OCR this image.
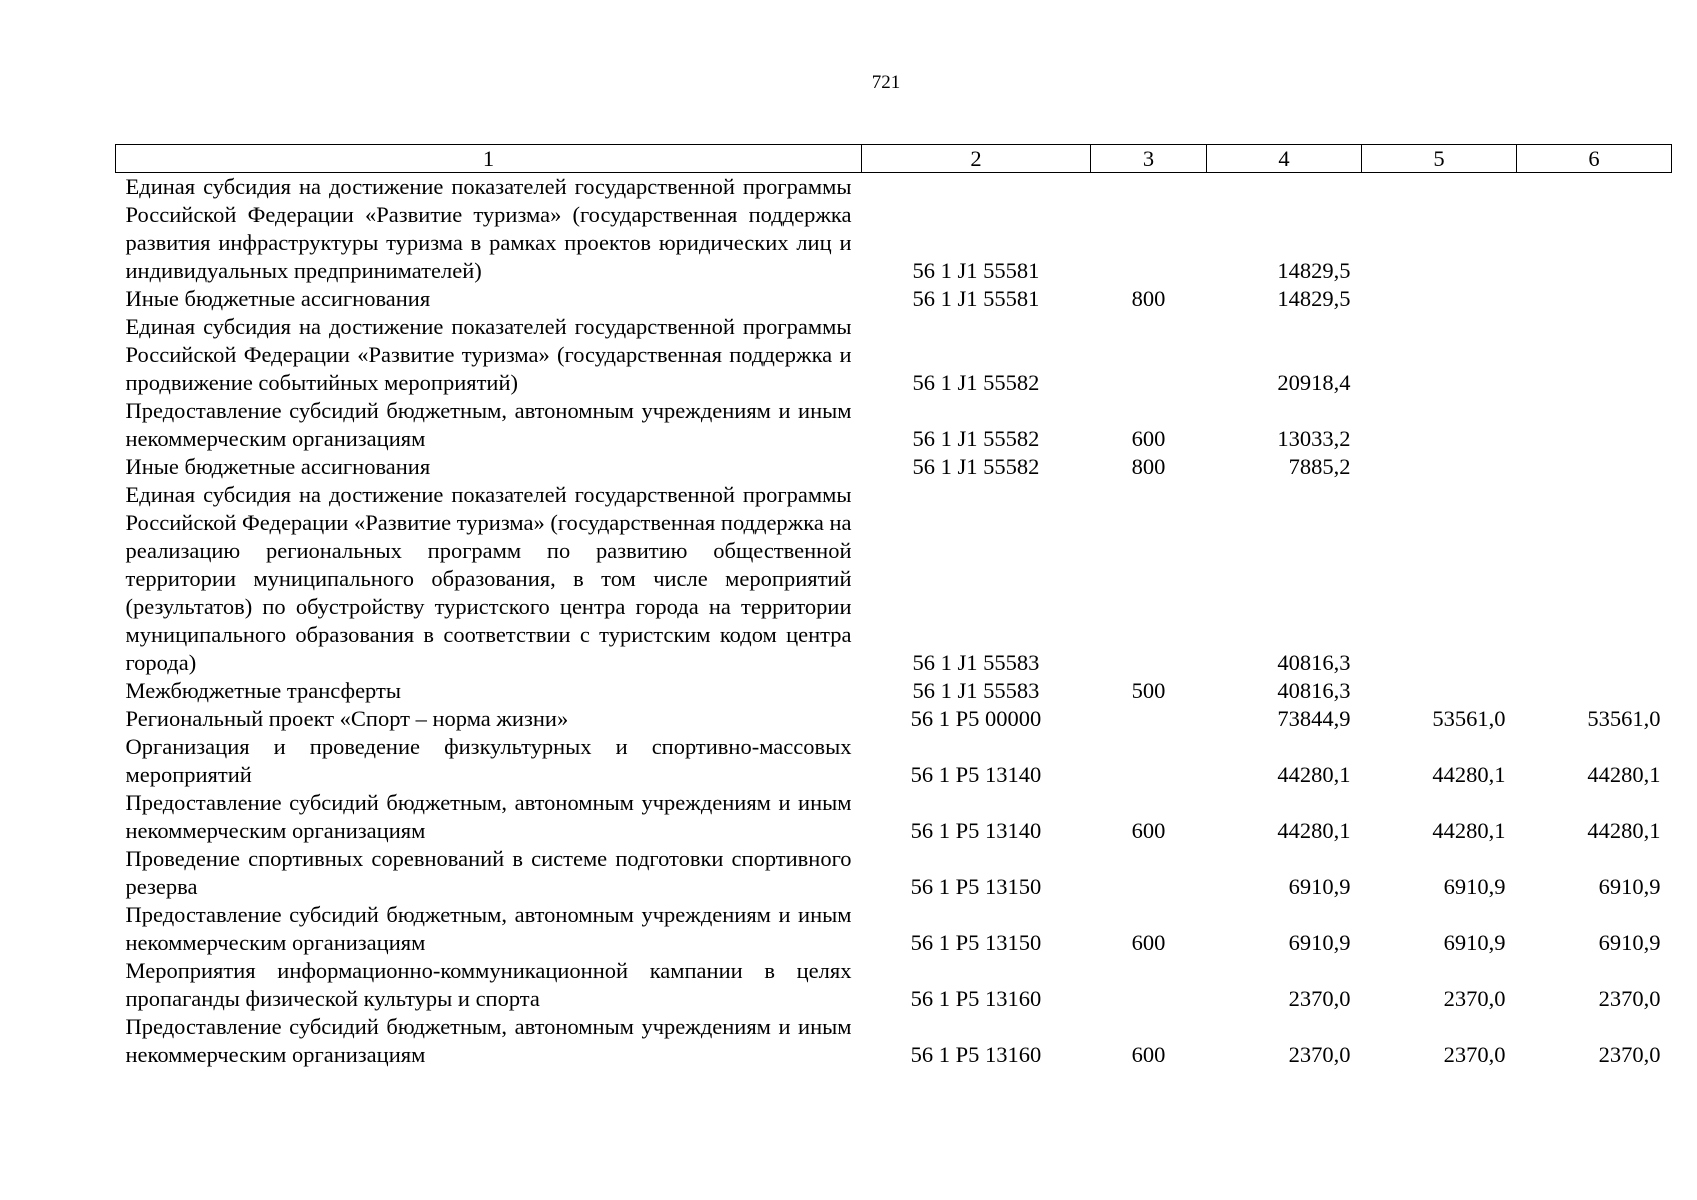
721
1	2	3	4	5	6
Единая субсидия на достижение показателей государственной программы Российской Федерации «Развитие туризма» (государственная поддержка развития инфраструктуры туризма в рамках проектов юридических лиц и индивидуальных предпринимателей)	56 1 J1 55581		14829,5		
Иные бюджетные ассигнования	56 1 J1 55581	800	14829,5		
Единая субсидия на достижение показателей государственной программы Российской Федерации «Развитие туризма» (государственная поддержка и продвижение событийных мероприятий)	56 1 J1 55582		20918,4		
Предоставление субсидий бюджетным, автономным учреждениям и иным некоммерческим организациям	56 1 J1 55582	600	13033,2		
Иные бюджетные ассигнования	56 1 J1 55582	800	7885,2		
Единая субсидия на достижение показателей государственной программы Российской Федерации «Развитие туризма» (государственная поддержка на реализацию региональных программ по развитию общественной территории муниципального образования, в том числе мероприятий (результатов) по обустройству туристского центра города на территории муниципального образования в соответствии с туристским кодом центра города)	56 1 J1 55583		40816,3		
Межбюджетные трансферты	56 1 J1 55583	500	40816,3		
Региональный проект «Спорт – норма жизни»	56 1 P5 00000		73844,9	53561,0	53561,0
Организация и проведение физкультурных и спортивно-массовых мероприятий	56 1 P5 13140		44280,1	44280,1	44280,1
Предоставление субсидий бюджетным, автономным учреждениям и иным некоммерческим организациям	56 1 P5 13140	600	44280,1	44280,1	44280,1
Проведение спортивных соревнований в системе подготовки спортивного резерва	56 1 P5 13150		6910,9	6910,9	6910,9
Предоставление субсидий бюджетным, автономным учреждениям и иным некоммерческим организациям	56 1 P5 13150	600	6910,9	6910,9	6910,9
Мероприятия информационно-коммуникационной кампании в целях пропаганды физической культуры и спорта	56 1 P5 13160		2370,0	2370,0	2370,0
Предоставление субсидий бюджетным, автономным учреждениям и иным некоммерческим организациям	56 1 P5 13160	600	2370,0	2370,0	2370,0
